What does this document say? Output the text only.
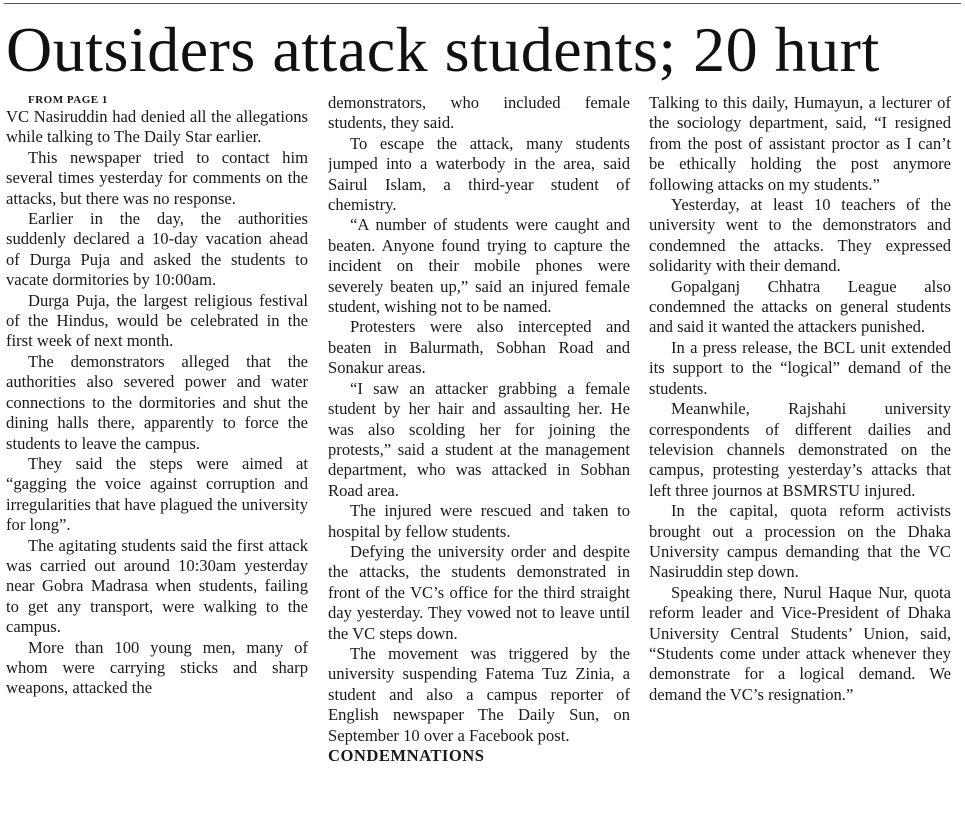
Outsiders attack students; 20 hurt

FROM PAGE 1

VC Nasiruddin had denied all the allegations while talking to The Daily Star earlier.

This newspaper tried to contact him several times yesterday for comments on the attacks, but there was no response.

Earlier in the day, the authorities suddenly declared a 10-day vacation ahead of Durga Puja and asked the students to vacate dormitories by 10:00am.

Durga Puja, the largest religious festival of the Hindus, would be celebrated in the first week of next month.

The demonstrators alleged that the authorities also severed power and water connections to the dormitories and shut the dining halls there, apparently to force the students to leave the campus.

They said the steps were aimed at “gagging the voice against corruption and irregularities that have plagued the university for long”.

The agitating students said the first attack was carried out around 10:30am yesterday near Gobra Madrasa when students, failing to get any transport, were walking to the campus.

More than 100 young men, many of whom were carrying sticks and sharp weapons, attacked the

demonstrators, who included female students, they said.

To escape the attack, many students jumped into a waterbody in the area, said Sairul Islam, a third-year student of chemistry.

“A number of students were caught and beaten. Anyone found trying to capture the incident on their mobile phones were severely beaten up,” said an injured female student, wishing not to be named.

Protesters were also intercepted and beaten in Balurmath, Sobhan Road and Sonakur areas.

“I saw an attacker grabbing a female student by her hair and assaulting her. He was also scolding her for joining the protests,” said a student at the management department, who was attacked in Sobhan Road area.

The injured were rescued and taken to hospital by fellow students.

Defying the university order and despite the attacks, the students demonstrated in front of the VC’s office for the third straight day yesterday. They vowed not to leave until the VC steps down.

The movement was triggered by the university suspending Fatema Tuz Zinia, a student and also a campus reporter of English newspaper The Daily Sun, on September 10 over a Facebook post.

CONDEMNATIONS

Talking to this daily, Humayun, a lecturer of the sociology department, said, “I resigned from the post of assistant proctor as I can’t be ethically holding the post anymore following attacks on my students.”

Yesterday, at least 10 teachers of the university went to the demonstrators and condemned the attacks. They expressed solidarity with their demand.

Gopalganj Chhatra League also condemned the attacks on general students and said it wanted the attackers punished.

In a press release, the BCL unit extended its support to the “logical” demand of the students.

Meanwhile, Rajshahi university correspondents of different dailies and television channels demonstrated on the campus, protesting yesterday’s attacks that left three journos at BSMRSTU injured.

In the capital, quota reform activists brought out a procession on the Dhaka University campus demanding that the VC Nasiruddin step down.

Speaking there, Nurul Haque Nur, quota reform leader and Vice-President of Dhaka University Central Students’ Union, said, “Students come under attack whenever they demonstrate for a logical demand. We demand the VC’s resignation.”
